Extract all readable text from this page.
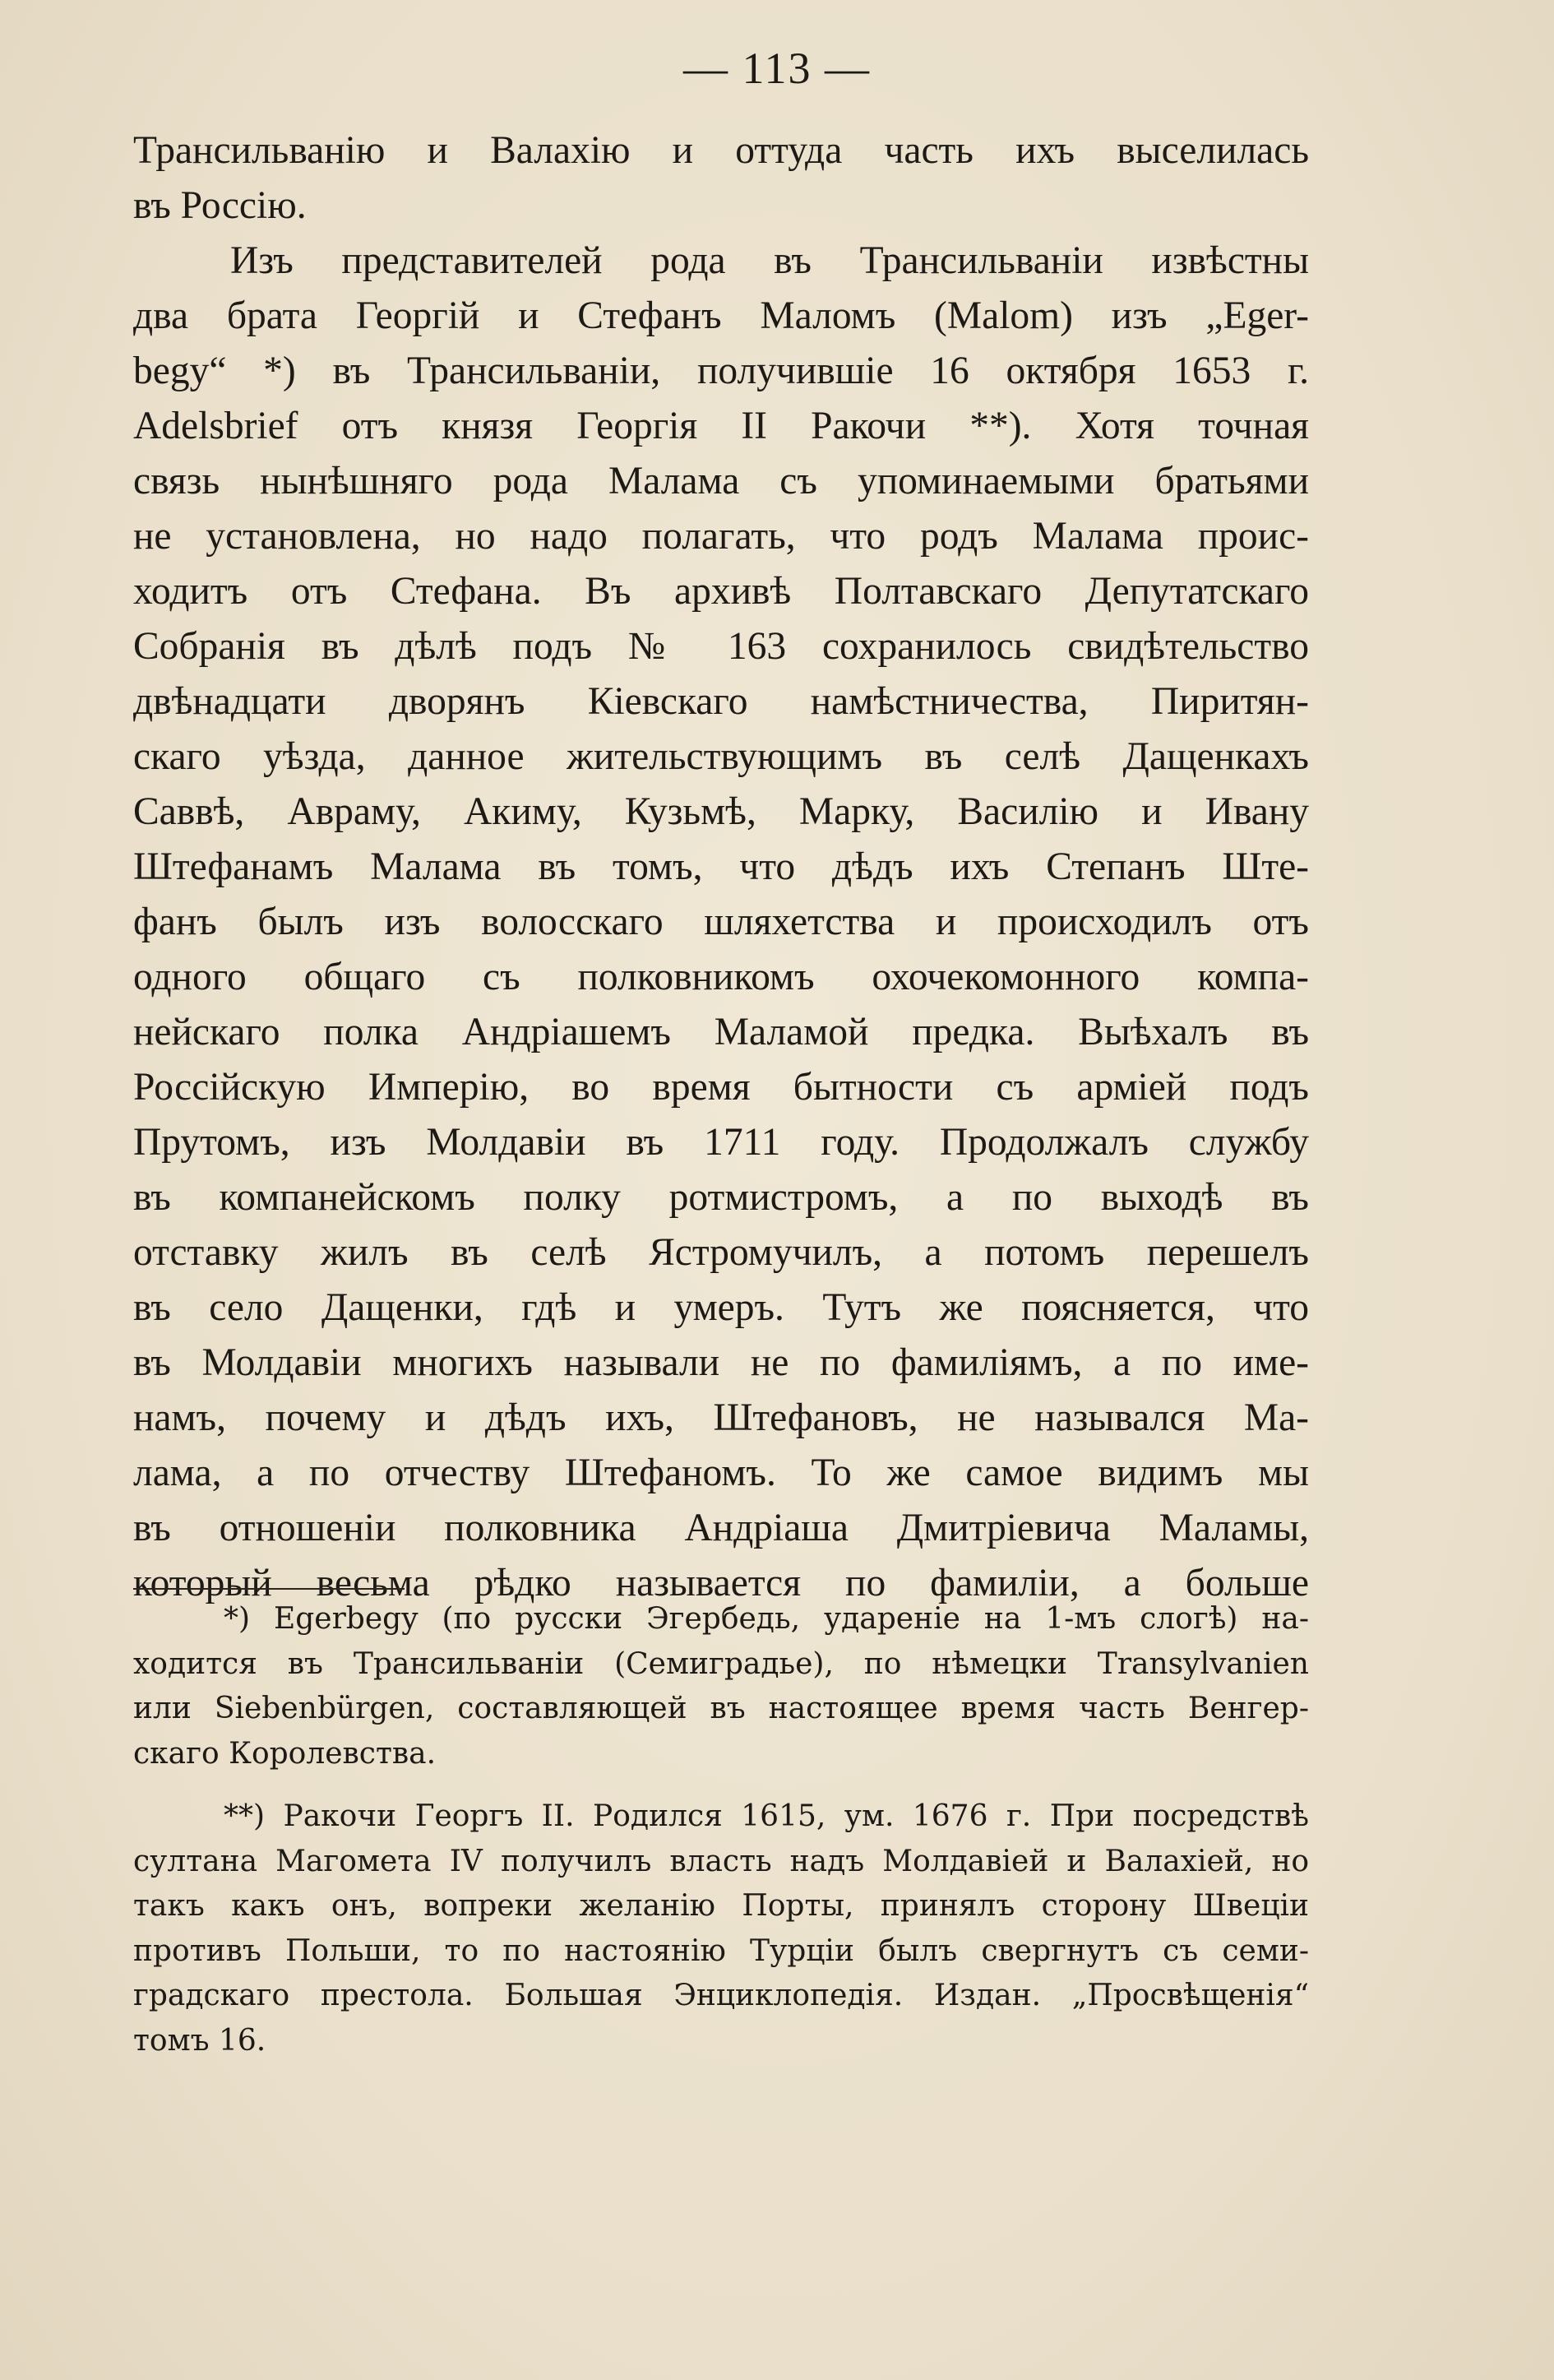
— 113 —
Трансильванію и Валахію и оттуда часть ихъ выселилась
въ Россію.
Изъ представителей рода въ Трансильваніи извѣстны
два брата Георгій и Стефанъ Маломъ (Malom) изъ „Eger-
begy“ *) въ Трансильваніи, получившіе 16 октября 1653 г.
Adelsbrief отъ князя Георгія II Ракочи **). Хотя точная
связь нынѣшняго рода Малама съ упоминаемыми братьями
не установлена, но надо полагать, что родъ Малама проис-
ходитъ отъ Стефана. Въ архивѣ Полтавскаго Депутатскаго
Собранія въ дѣлѣ подъ № 163 сохранилось свидѣтельство
двѣнадцати дворянъ Кіевскаго намѣстничества, Пиритян-
скаго уѣзда, данное жительствующимъ въ селѣ Дащенкахъ
Саввѣ, Авраму, Акиму, Кузьмѣ, Марку, Василію и Ивану
Штефанамъ Малама въ томъ, что дѣдъ ихъ Степанъ Ште-
фанъ былъ изъ волосскаго шляхетства и происходилъ отъ
одного общаго съ полковникомъ охочекомонного компа-
нейскаго полка Андріашемъ Маламой предка. Выѣхалъ въ
Россійскую Имперію, во время бытности съ арміей подъ
Прутомъ, изъ Молдавіи въ 1711 году. Продолжалъ службу
въ компанейскомъ полку ротмистромъ, а по выходѣ въ
отставку жилъ въ селѣ Ястромучилъ, а потомъ перешелъ
въ село Дащенки, гдѣ и умеръ. Тутъ же поясняется, что
въ Молдавіи многихъ называли не по фамиліямъ, а по име-
намъ, почему и дѣдъ ихъ, Штефановъ, не назывался Ма-
лама, а по отчеству Штефаномъ. То же самое видимъ мы
въ отношеніи полковника Андріаша Дмитріевича Маламы,
который весьма рѣдко называется по фамиліи, а больше
*) Egerbegy (по русски Эгербедь, удареніе на 1-мъ слогѣ) на-
ходится въ Трансильваніи (Семиградье), по нѣмецки Transylvanien
или Siebenbürgen, составляющей въ настоящее время часть Венгер-
скаго Королевства.
**) Ракочи Георгъ II. Родился 1615, ум. 1676 г. При посредствѣ
султана Магомета IV получилъ власть надъ Молдавіей и Валахіей, но
такъ какъ онъ, вопреки желанію Порты, принялъ сторону Швеціи
противъ Польши, то по настоянію Турціи былъ свергнутъ съ семи-
градскаго престола. Большая Энциклопедія. Издан. „Просвѣщенія“
томъ 16.
